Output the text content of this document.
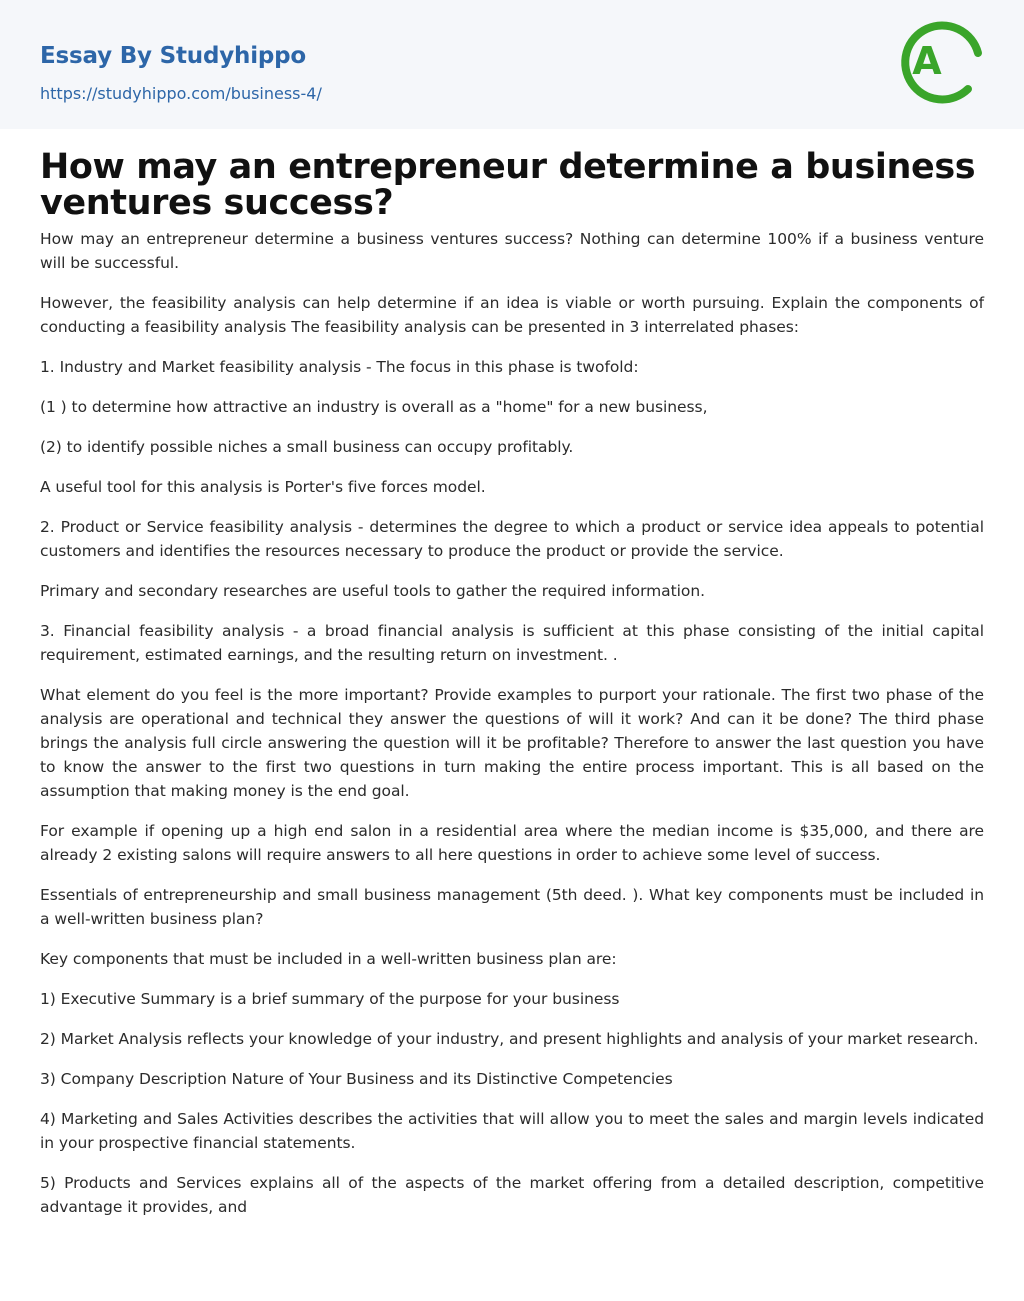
Essay By Studyhippo
https://studyhippo.com/business-4/
A
How may an entrepreneur determine a business ventures success?

How may an entrepreneur determine a business ventures success? Nothing can determine 100% if a business venture will be successful.

However, the feasibility analysis can help determine if an idea is viable or worth pursuing. Explain the components of conducting a feasibility analysis The feasibility analysis can be presented in 3 interrelated phases:

1. Industry and Market feasibility analysis - The focus in this phase is twofold:

(1 ) to determine how attractive an industry is overall as a "home" for a new business,

(2) to identify possible niches a small business can occupy profitably.

A useful tool for this analysis is Porter's five forces model.

2. Product or Service feasibility analysis - determines the degree to which a product or service idea appeals to potential customers and identifies the resources necessary to produce the product or provide the service.

Primary and secondary researches are useful tools to gather the required information.

3. Financial feasibility analysis - a broad financial analysis is sufficient at this phase consisting of the initial capital requirement, estimated earnings, and the resulting return on investment. .

What element do you feel is the more important? Provide examples to purport your rationale. The first two phase of the analysis are operational and technical they answer the questions of will it work? And can it be done? The third phase brings the analysis full circle answering the question will it be profitable? Therefore to answer the last question you have to know the answer to the first two questions in turn making the entire process important. This is all based on the assumption that making money is the end goal.

For example if opening up a high end salon in a residential area where the median income is $35,000, and there are already 2 existing salons will require answers to all here questions in order to achieve some level of success.

Essentials of entrepreneurship and small business management (5th deed. ). What key components must be included in a well-written business plan?

Key components that must be included in a well-written business plan are:

1) Executive Summary is a brief summary of the purpose for your business

2) Market Analysis reflects your knowledge of your industry, and present highlights and analysis of your market research.

3) Company Description Nature of Your Business and its Distinctive Competencies

4) Marketing and Sales Activities describes the activities that will allow you to meet the sales and margin levels indicated in your prospective financial statements.

5) Products and Services explains all of the aspects of the market offering from a detailed description, competitive advantage it provides, and
